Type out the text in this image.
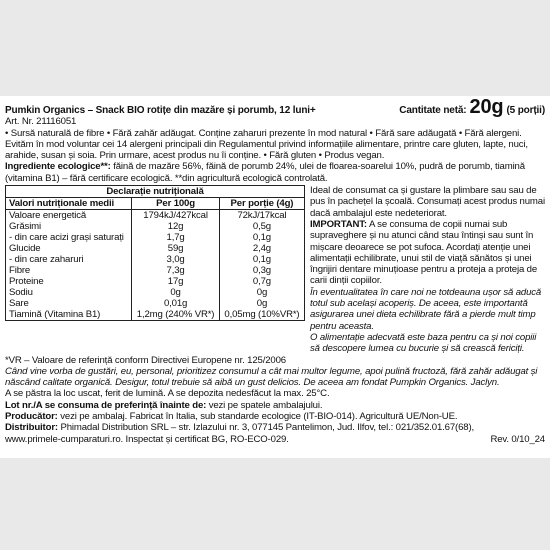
Pumkin Organics – Snack BIO rotițe din mazăre și porumb, 12 luni+	Cantitate netă: 20g (5 porții)

Art. Nr. 21116051

• Sursă naturală de fibre • Fără zahăr adăugat. Conține zaharuri prezente în mod natural • Fără sare adăugată • Fără alergeni.

Evităm în mod voluntar cei 14 alergeni principali din Regulamentul privind informațiile alimentare, printre care gluten, lapte, nuci,

arahide, susan și soia. Prin urmare, acest produs nu îi conține. • Fără gluten • Produs vegan.

Ingrediente ecologice**: făină de mazăre 56%, făină de porumb 24%, ulei de floarea-soarelui 10%, pudră de porumb, tiamină

(vitamina B1) – fără certificare ecologică. **din agricultură ecologică controlată.

Declarație nutrițională		
Valori nutriționale medii	Per 100g	Per porție (4g)
Valoare energetică	1794kJ/427kcal	72kJ/17kcal
Grăsimi	12g	0,5g
- din care acizi grași saturați	1,7g	0,1g
Glucide	59g	2,4g
- din care zaharuri	3,0g	0,1g
Fibre	7,3g	0,3g
Proteine	17g	0,7g
Sodiu	0g	0g
Sare	0,01g	0g
Tiamină (Vitamina B1)	1,2mg (240% VR*)	0,05mg (10%VR*)

Ideal de consumat ca și gustare la plimbare sau sau de pus în pachețel la școală. Consumați acest produs numai dacă ambalajul este nedeteriorat.

IMPORTANT: A se consuma de copii numai sub supraveghere și nu atunci când stau întinși sau sunt în mișcare deoarece se pot sufoca. Acordați atenție unei alimentații echilibrate, unui stil de viață sănătos și unei îngrijiri dentare minuțioase pentru a proteja a proteja de carii dinții copiilor.

În eventualitatea în care noi ne totdeauna ușor să aducă totul sub același acoperiș. De aceea, este importantă asigurarea unei dieta echilibrate fără a pierde mult timp pentru aceasta.

O alimentație adecvată este baza pentru ca și noi copiii să descopere lumea cu bucurie și să crească fericiți.

*VR – Valoare de referință conform Directivei Europene nr. 125/2006

Când vine vorba de gustări, eu, personal, prioritizez consumul a cât mai multor legume, apoi pulină fructoză, fără zahăr adăugat și

născând calitate organică. Desigur, totul trebuie să aibă un gust delicios. De aceea am fondat Pumpkin Organics. Jaclyn.

A se păstra la loc uscat, ferit de lumină. A se depozita nedesfăcut la max. 25°C.

Lot nr./A se consuma de preferință înainte de: vezi pe spatele ambalajului.

Producător: vezi pe ambalaj. Fabricat în Italia, sub standarde ecologice (IT-BIO-014). Agricultură UE/Non-UE.

Distribuitor: Phimadal Distribution SRL – str. Izlazului nr. 3, 077145 Pantelimon, Jud. Ilfov, tel.: 021/352.01.67(68),

www.primele-cumparaturi.ro. Inspectat și certificat BG, RO-ECO-029.	Rev. 0/10_24
